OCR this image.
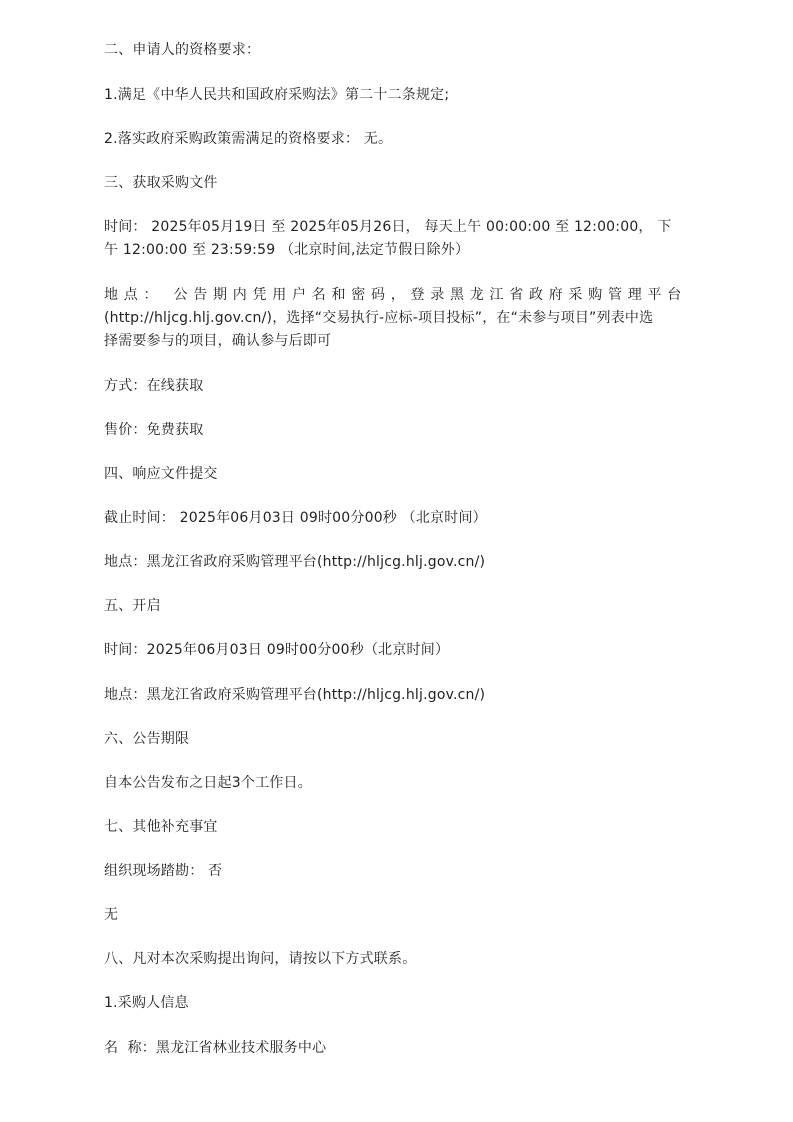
二、申请人的资格要求：
1.满足《中华人民共和国政府采购法》第二十二条规定;
2.落实政府采购政策需满足的资格要求： 无。
三、获取采购文件
时间： 2025年05月19日 至 2025年05月26日， 每天上午 00:00:00 至 12:00:00， 下
午 12:00:00 至 23:59:59 （北京时间,法定节假日除外）
地点： 公告期内凭用户名和密码，登录黑龙江省政府采购管理平台
(http://hljcg.hlj.gov.cn/)，选择“交易执行-应标-项目投标”，在“未参与项目”列表中选
择需要参与的项目，确认参与后即可
方式：在线获取
售价：免费获取
四、响应文件提交
截止时间： 2025年06月03日 09时00分00秒 （北京时间）
地点：黑龙江省政府采购管理平台(http://hljcg.hlj.gov.cn/)
五、开启
时间：2025年06月03日 09时00分00秒（北京时间）
地点：黑龙江省政府采购管理平台(http://hljcg.hlj.gov.cn/)
六、公告期限
自本公告发布之日起3个工作日。
七、其他补充事宜
组织现场踏勘： 否
无
八、凡对本次采购提出询问，请按以下方式联系。
1.采购人信息
名  称：黑龙江省林业技术服务中心
